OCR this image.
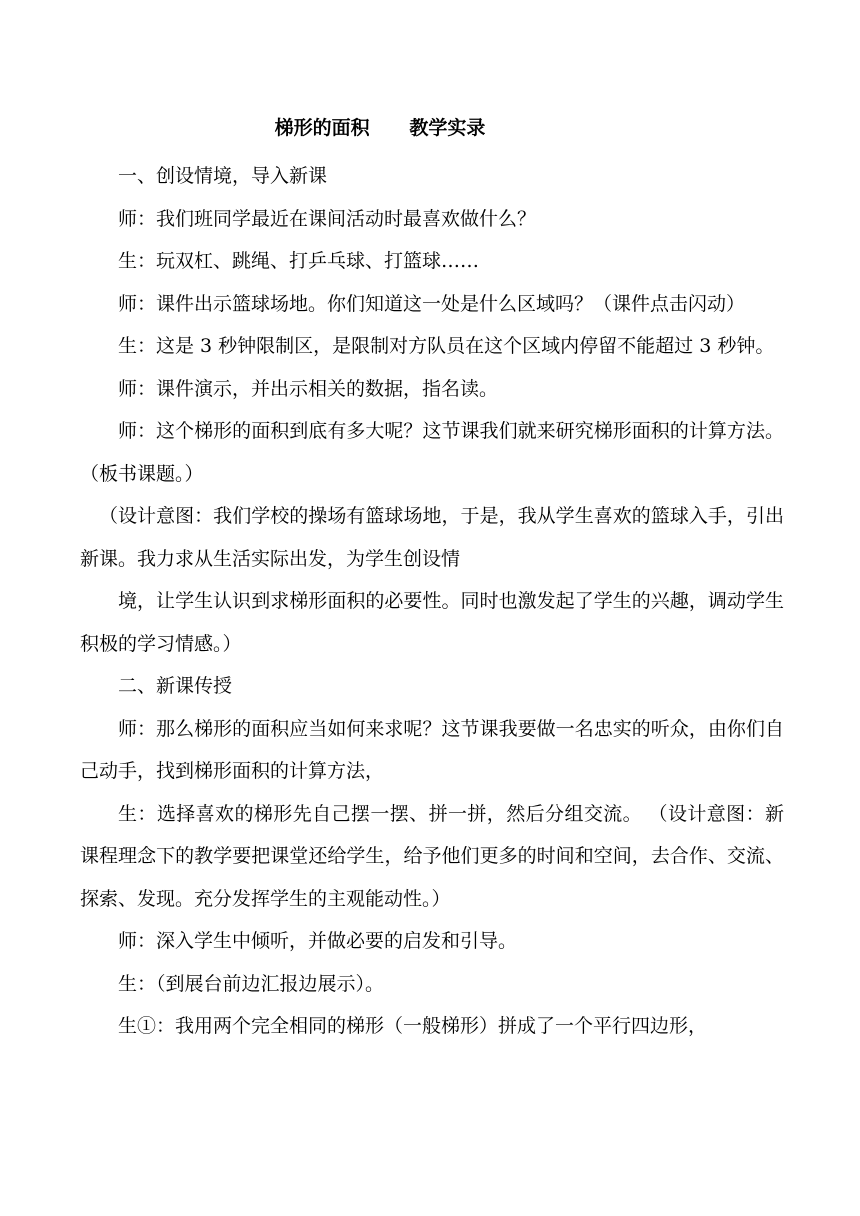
梯形的面积      教学实录

一、创设情境，导入新课

师：我们班同学最近在课间活动时最喜欢做什么？

生：玩双杠、跳绳、打乒乓球、打篮球……

师：课件出示篮球场地。你们知道这一处是什么区域吗？（课件点击闪动）

生：这是 3 秒钟限制区，是限制对方队员在这个区域内停留不能超过 3 秒钟。

师：课件演示，并出示相关的数据，指名读。

师：这个梯形的面积到底有多大呢？这节课我们就来研究梯形面积的计算方法。（板书课题。）

（设计意图：我们学校的操场有篮球场地，于是，我从学生喜欢的篮球入手，引出新课。我力求从生活实际出发，为学生创设情

境，让学生认识到求梯形面积的必要性。同时也激发起了学生的兴趣，调动学生积极的学习情感。）

二、新课传授

师：那么梯形的面积应当如何来求呢？这节课我要做一名忠实的听众，由你们自己动手，找到梯形面积的计算方法，

生：选择喜欢的梯形先自己摆一摆、拼一拼，然后分组交流。 （设计意图：新课程理念下的教学要把课堂还给学生，给予他们更多的时间和空间，去合作、交流、探索、发现。充分发挥学生的主观能动性。）

师：深入学生中倾听，并做必要的启发和引导。

生：（到展台前边汇报边展示）。

生①：我用两个完全相同的梯形（一般梯形）拼成了一个平行四边形，
